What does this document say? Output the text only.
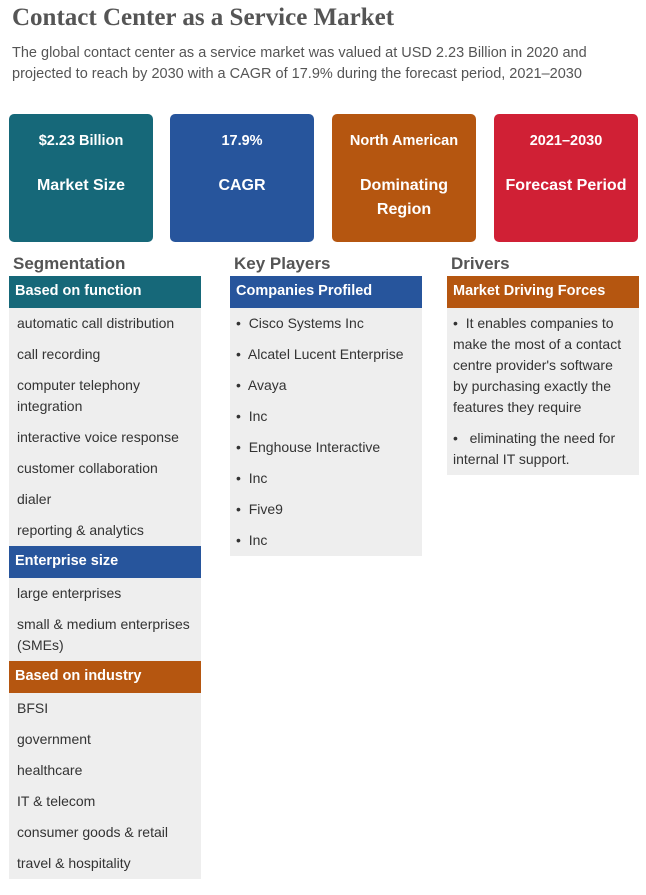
Contact Center as a Service Market
The global contact center as a service market was valued at USD 2.23 Billion in 2020 and projected to reach by 2030 with a CAGR of 17.9% during the forecast period, 2021–2030
$2.23 Billion
Market Size
17.9%
CAGR
North American
Dominating Region
2021–2030
Forecast Period
Segmentation
Based on function
automatic call distribution
call recording
computer telephony integration
interactive voice response
customer collaboration
dialer
reporting & analytics
Enterprise size
large enterprises
small & medium enterprises (SMEs)
Based on industry
BFSI
government
healthcare
IT & telecom
consumer goods & retail
travel & hospitality
Key Players
Companies Profiled
•  Cisco Systems Inc
•  Alcatel Lucent Enterprise
•  Avaya
•  Inc
•  Enghouse Interactive
•  Inc
•  Five9
•  Inc
Drivers
Market Driving Forces
•  It enables companies to make the most of a contact centre provider's software by purchasing exactly the features they require
•   eliminating the need for internal IT support.
